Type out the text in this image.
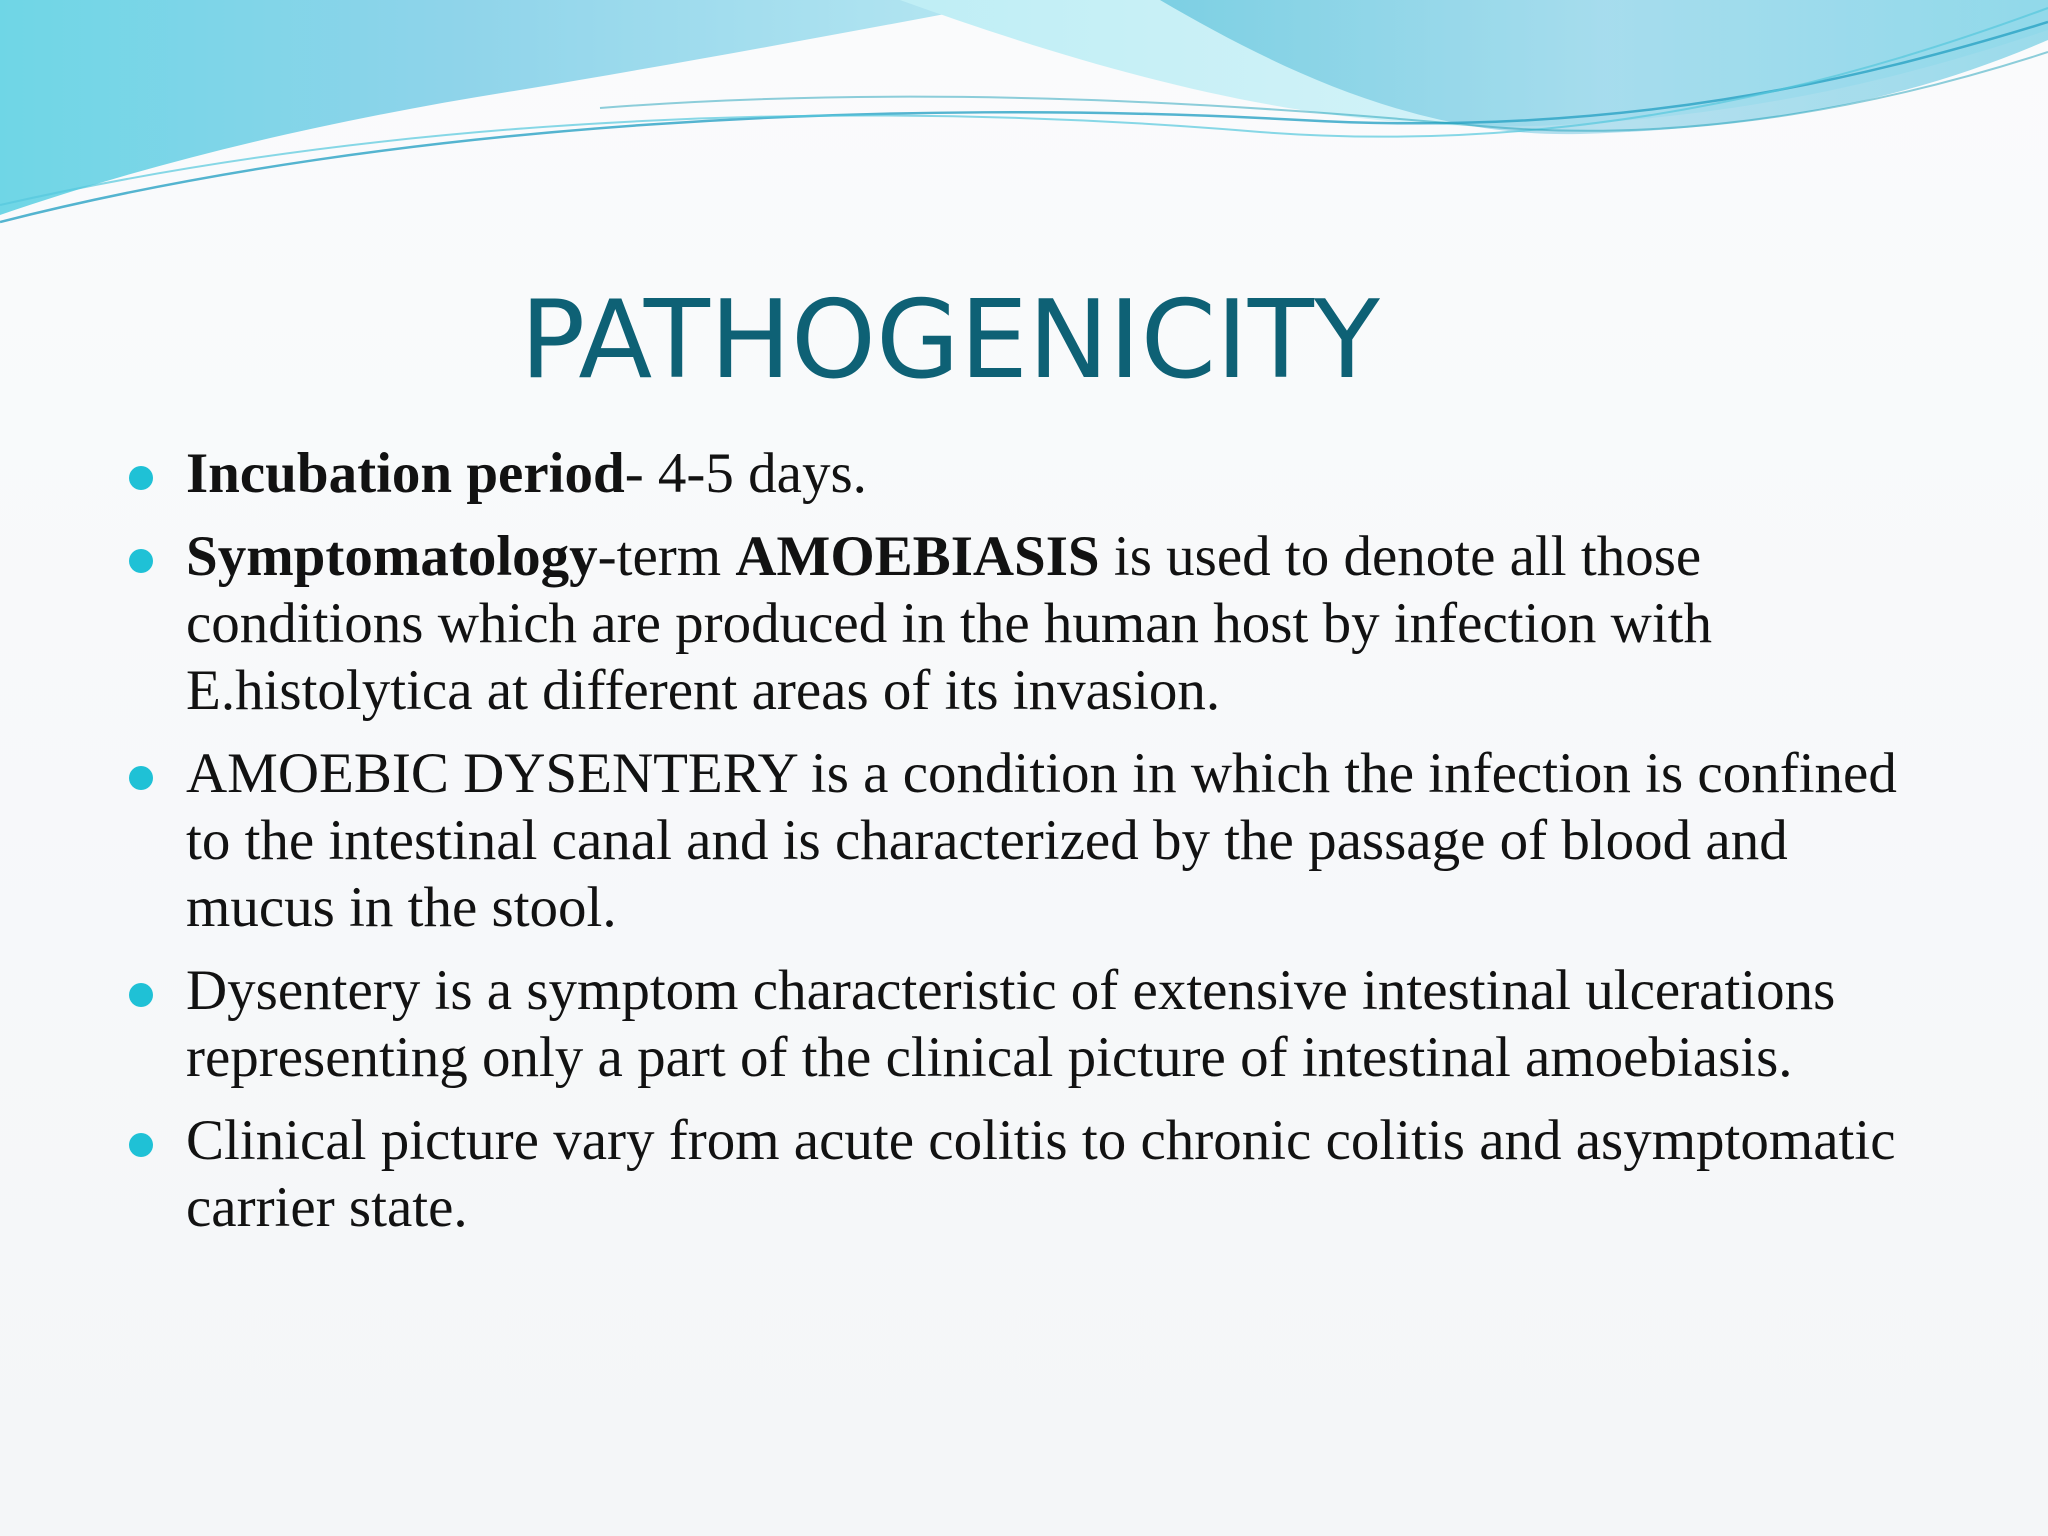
PATHOGENICITY
Incubation period- 4-5 days.
Symptomatology-term AMOEBIASIS is used to denote all those conditions which are produced in the human host by infection with E.histolytica at different areas of its invasion.
AMOEBIC DYSENTERY is a condition in which the infection is confined to the intestinal canal and is characterized by the passage of blood and mucus in the stool.
Dysentery is a symptom characteristic of extensive intestinal ulcerations representing only a part of the clinical picture of intestinal amoebiasis.
Clinical picture vary from acute colitis to chronic colitis and asymptomatic carrier state.
